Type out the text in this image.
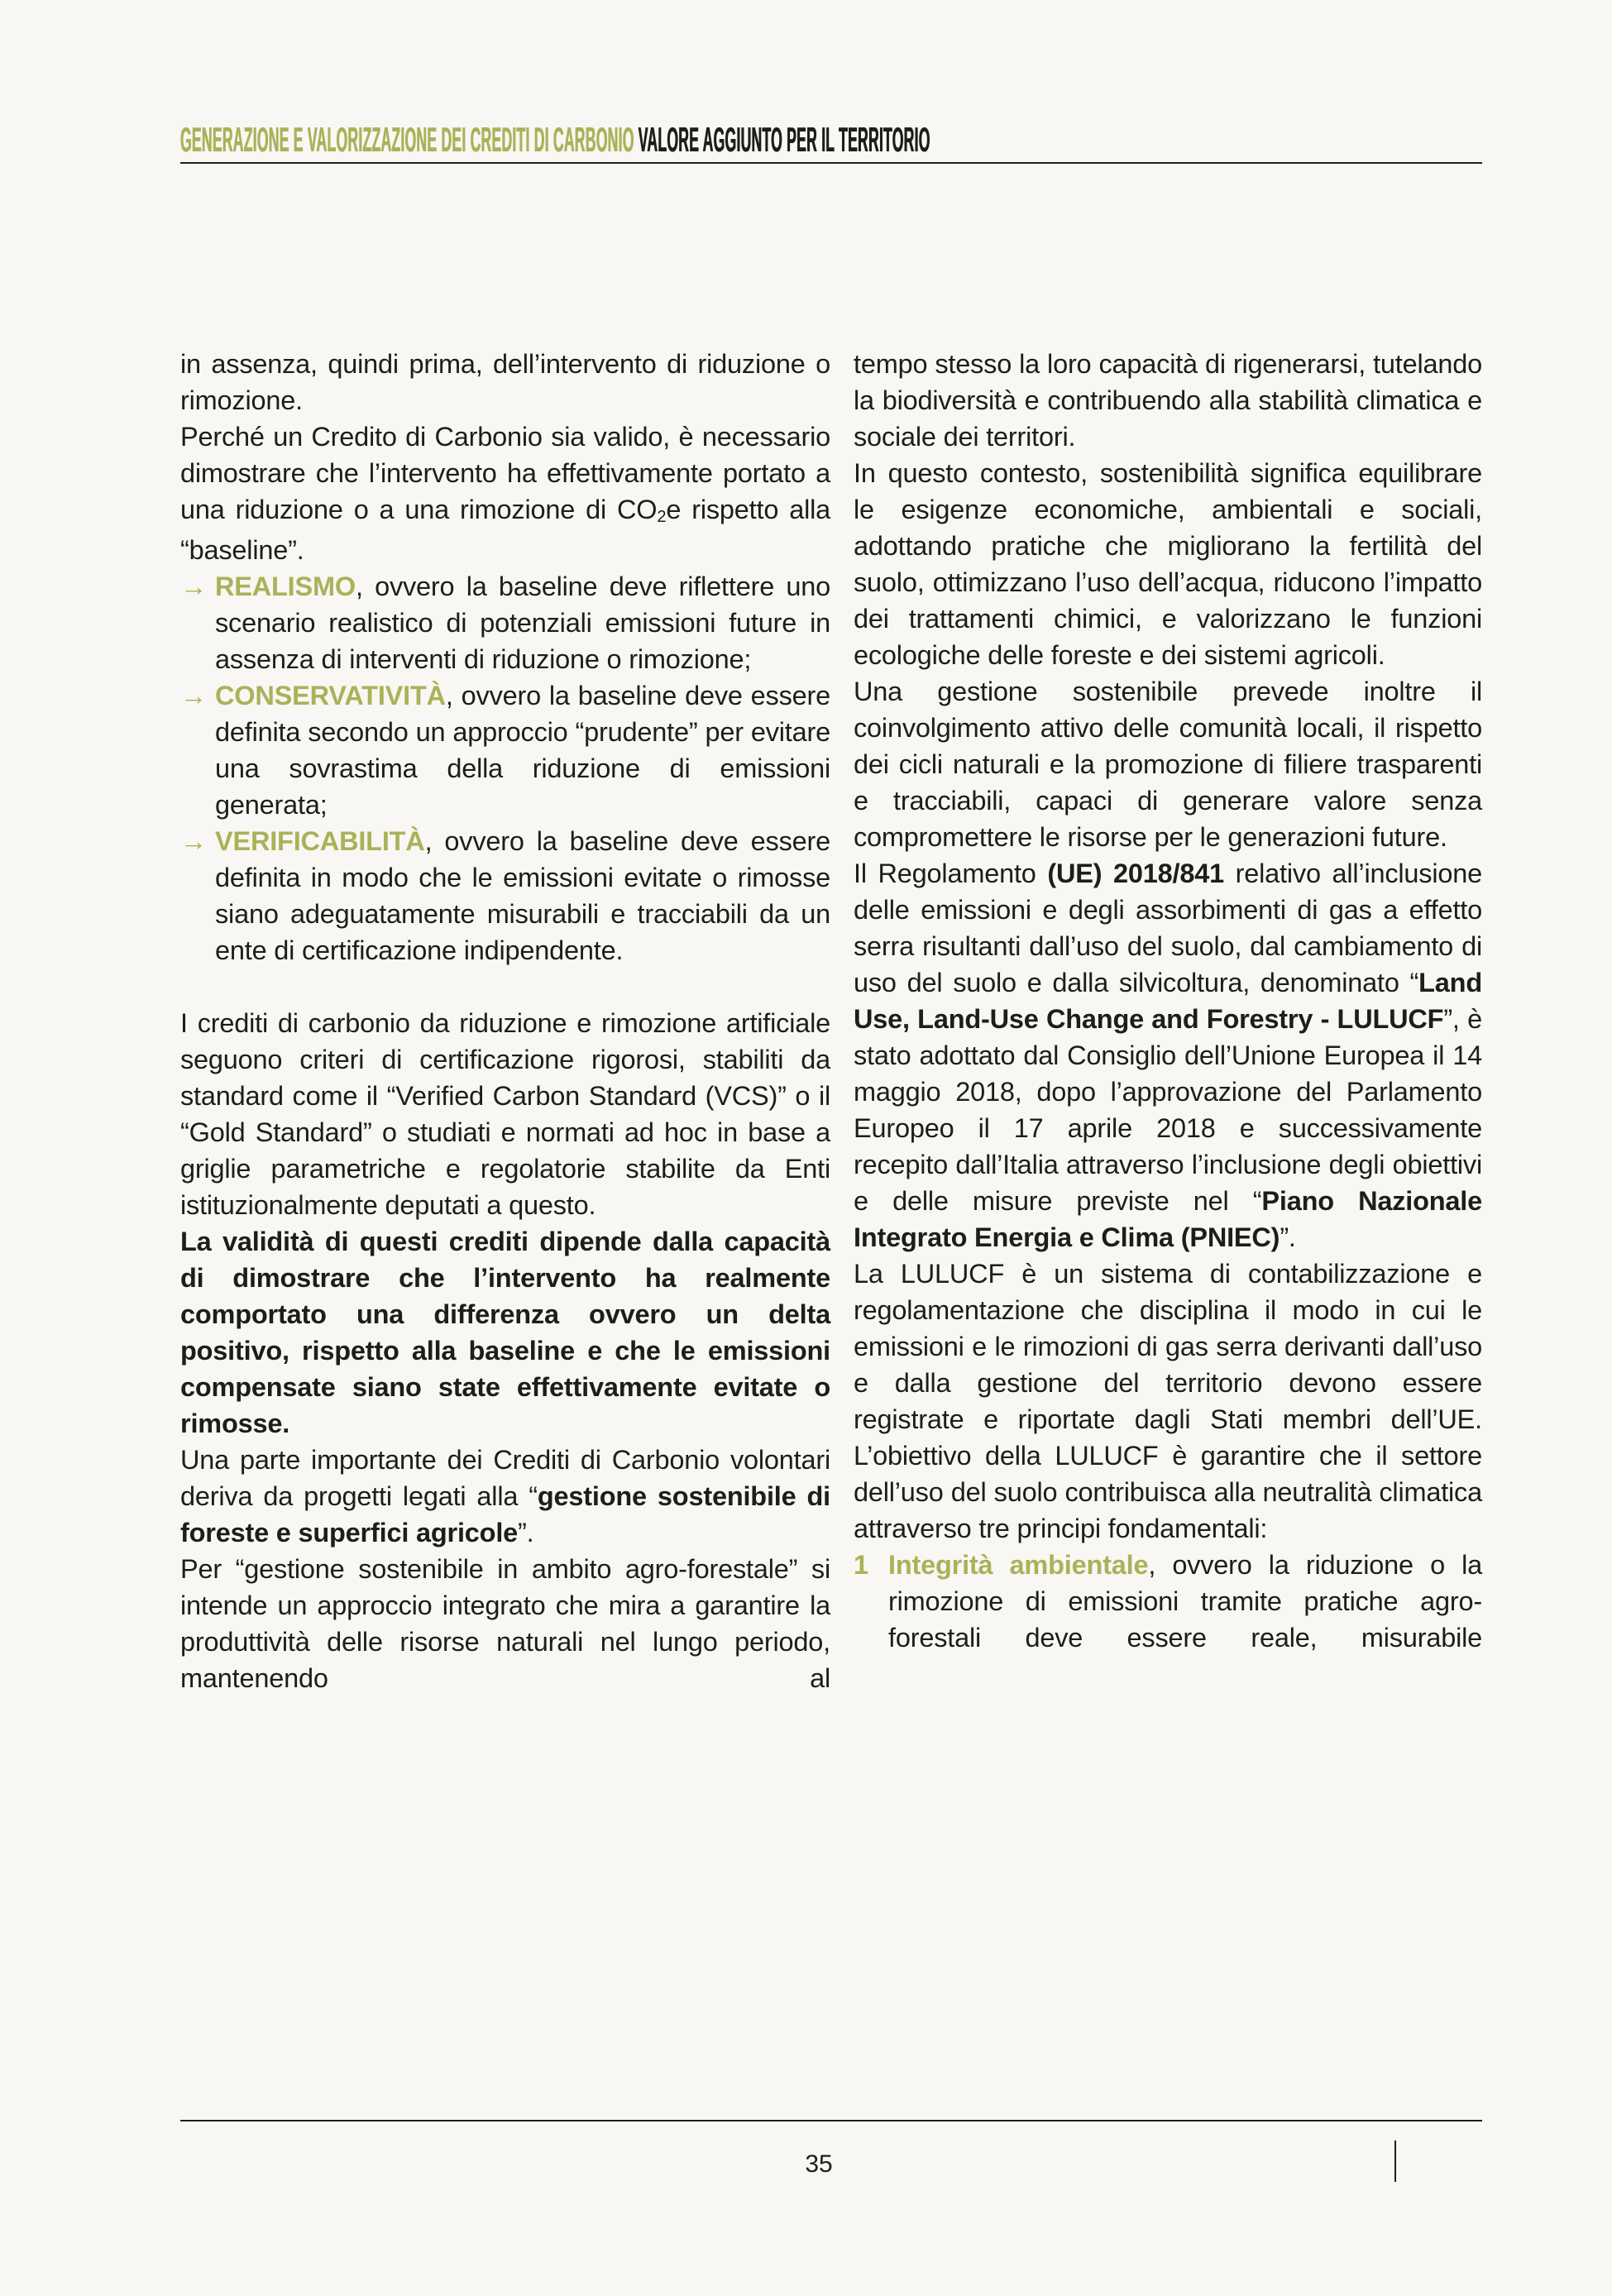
GENERAZIONE E VALORIZZAZIONE DEI CREDITI DI CARBONIO VALORE AGGIUNTO PER IL TERRITORIO

in assenza, quindi prima, dell’intervento di riduzione o rimozione.

Perché un Credito di Carbonio sia valido, è necessario dimostrare che l’intervento ha effettivamente portato a una riduzione o a una rimozione di $CO_2e$ rispetto alla “baseline”.

→ REALISMO, ovvero la baseline deve riflettere uno scenario realistico di potenziali emissioni future in assenza di interventi di riduzione o rimozione;
→ CONSERVATIVITÀ, ovvero la baseline deve essere definita secondo un approccio “prudente” per evitare una sovrastima della riduzione di emissioni generata;
→ VERIFICABILITÀ, ovvero la baseline deve essere definita in modo che le emissioni evitate o rimosse siano adeguatamente misurabili e tracciabili da un ente di certificazione indipendente.

I crediti di carbonio da riduzione e rimozione artificiale seguono criteri di certificazione rigorosi, stabiliti da standard come il “Verified Carbon Standard (VCS)” o il “Gold Standard” o studiati e normati ad hoc in base a griglie parametriche e regolatorie stabilite da Enti istituzionalmente deputati a questo.

La validità di questi crediti dipende dalla capacità di dimostrare che l’intervento ha realmente comportato una differenza ovvero un delta positivo, rispetto alla baseline e che le emissioni compensate siano state effettivamente evitate o rimosse.

Una parte importante dei Crediti di Carbonio volontari deriva da progetti legati alla “gestione sostenibile di foreste e superfici agricole”.

Per “gestione sostenibile in ambito agro-forestale” si intende un approccio integrato che mira a garantire la produttività delle risorse naturali nel lungo periodo, mantenendo al

tempo stesso la loro capacità di rigenerarsi, tutelando la biodiversità e contribuendo alla stabilità climatica e sociale dei territori.

In questo contesto, sostenibilità significa equilibrare le esigenze economiche, ambientali e sociali, adottando pratiche che migliorano la fertilità del suolo, ottimizzano l’uso dell’acqua, riducono l’impatto dei trattamenti chimici, e valorizzano le funzioni ecologiche delle foreste e dei sistemi agricoli.

Una gestione sostenibile prevede inoltre il coinvolgimento attivo delle comunità locali, il rispetto dei cicli naturali e la promozione di filiere trasparenti e tracciabili, capaci di generare valore senza compromettere le risorse per le generazioni future.

Il Regolamento (UE) 2018/841 relativo all’inclusione delle emissioni e degli assorbimenti di gas a effetto serra risultanti dall’uso del suolo, dal cambiamento di uso del suolo e dalla silvicoltura, denominato “Land Use, Land-Use Change and Forestry - LULUCF”, è stato adottato dal Consiglio dell’Unione Europea il 14 maggio 2018, dopo l’approvazione del Parlamento Europeo il 17 aprile 2018 e successivamente recepito dall’Italia attraverso l’inclusione degli obiettivi e delle misure previste nel “Piano Nazionale Integrato Energia e Clima (PNIEC)”.

La LULUCF è un sistema di contabilizzazione e regolamentazione che disciplina il modo in cui le emissioni e le rimozioni di gas serra derivanti dall’uso e dalla gestione del territorio devono essere registrate e riportate dagli Stati membri dell’UE. L’obiettivo della LULUCF è garantire che il settore dell’uso del suolo contribuisca alla neutralità climatica attraverso tre principi fondamentali:

1 Integrità ambientale, ovvero la riduzione o la rimozione di emissioni tramite pratiche agro-forestali deve essere reale, misurabile
35
